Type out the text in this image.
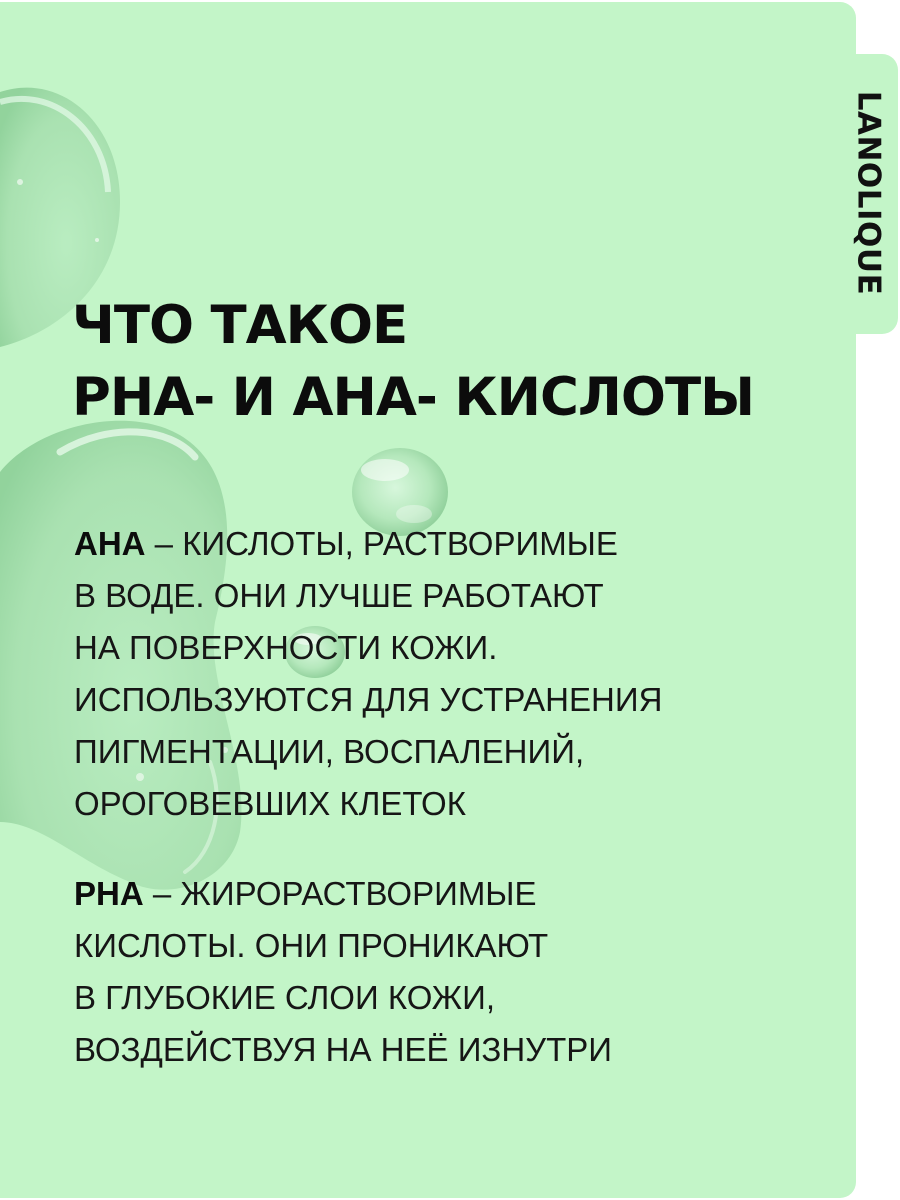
ЧТО ТАКОЕ
PHA- И AHA- КИСЛОТЫ

AHA – КИСЛОТЫ, РАСТВОРИМЫЕ
В ВОДЕ. ОНИ ЛУЧШЕ РАБОТАЮТ
НА ПОВЕРХНОСТИ КОЖИ.
ИСПОЛЬЗУЮТСЯ ДЛЯ УСТРАНЕНИЯ
ПИГМЕНТАЦИИ, ВОСПАЛЕНИЙ,
ОРОГОВЕВШИХ КЛЕТОК

PHA – ЖИРОРАСТВОРИМЫЕ
КИСЛОТЫ. ОНИ ПРОНИКАЮТ
В ГЛУБОКИЕ СЛОИ КОЖИ,
ВОЗДЕЙСТВУЯ НА НЕЁ ИЗНУТРИ

LANOLIQUE
